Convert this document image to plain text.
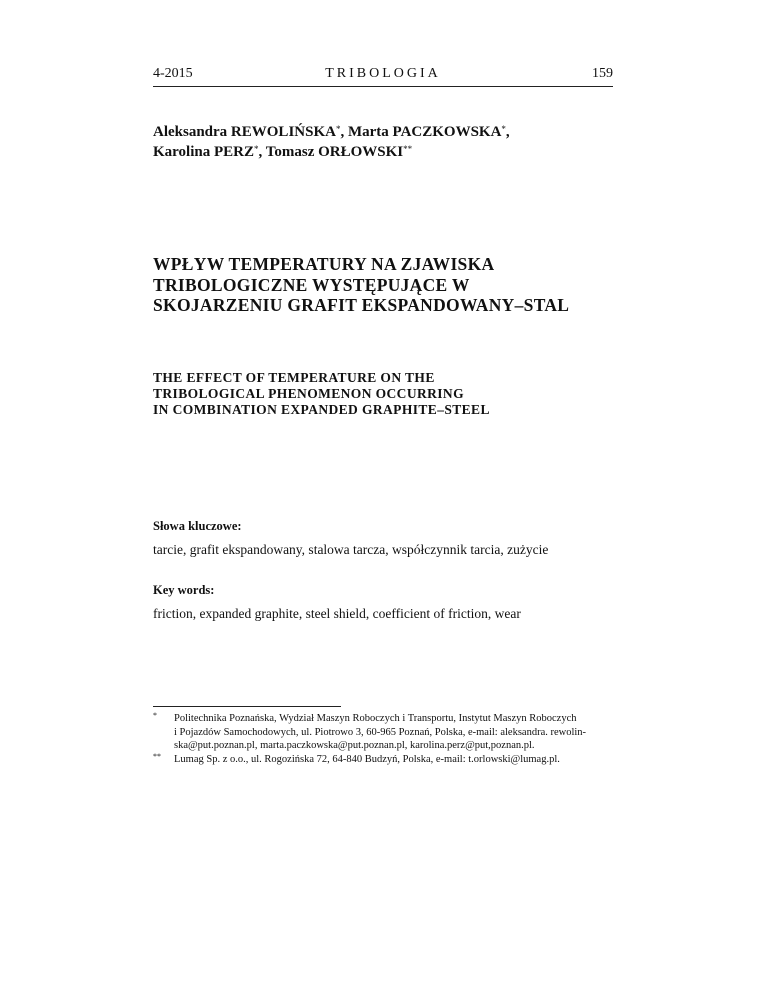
4-2015	TRIBOLOGIA	159
Aleksandra REWOLIŃSKA*, Marta PACZKOWSKA*,
Karolina PERZ*, Tomasz ORŁOWSKI**
WPŁYW TEMPERATURY NA ZJAWISKA
TRIBOLOGICZNE WYSTĘPUJĄCE W
SKOJARZENIU GRAFIT EKSPANDOWANY–STAL
THE EFFECT OF TEMPERATURE ON THE
TRIBOLOGICAL PHENOMENON OCCURRING
IN COMBINATION EXPANDED GRAPHITE–STEEL
Słowa kluczowe:
tarcie, grafit ekspandowany, stalowa tarcza, współczynnik tarcia, zużycie
Key words:
friction, expanded graphite, steel shield, coefficient of friction, wear
* Politechnika Poznańska, Wydział Maszyn Roboczych i Transportu, Instytut Maszyn Roboczych
i Pojazdów Samochodowych, ul. Piotrowo 3, 60-965 Poznań, Polska, e-mail: aleksandra. rewolin-
ska@put.poznan.pl, marta.paczkowska@put.poznan.pl, karolina.perz@put,poznan.pl.
** Lumag Sp. z o.o., ul. Rogozińska 72, 64-840 Budzyń, Polska, e-mail: t.orlowski@lumag.pl.
